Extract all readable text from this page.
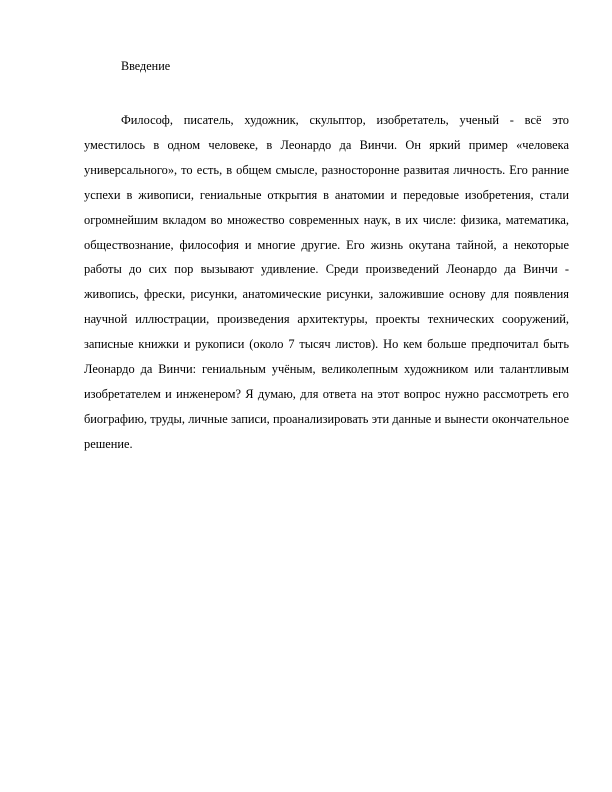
Введение

Философ, писатель, художник, скульптор, изобретатель, ученый - всё это уместилось в одном человеке, в Леонардо да Винчи. Он яркий пример «человека универсального», то есть, в общем смысле, разносторонне развитая личность. Его ранние успехи в живописи, гениальные открытия в анатомии и передовые изобретения, стали огромнейшим вкладом во множество современных наук, в их числе: физика, математика, обществознание, философия и многие другие. Его жизнь окутана тайной, а некоторые работы до сих пор вызывают удивление. Среди произведений Леонардо да Винчи - живопись, фрески, рисунки, анатомические рисунки, заложившие основу для появления научной иллюстрации, произведения архитектуры, проекты технических сооружений, записные книжки и рукописи (около 7 тысяч листов). Но кем больше предпочитал быть Леонардо да Винчи: гениальным учёным, великолепным художником или талантливым изобретателем и инженером? Я думаю, для ответа на этот вопрос нужно рассмотреть его биографию, труды, личные записи, проанализировать эти данные и вынести окончательное решение.
